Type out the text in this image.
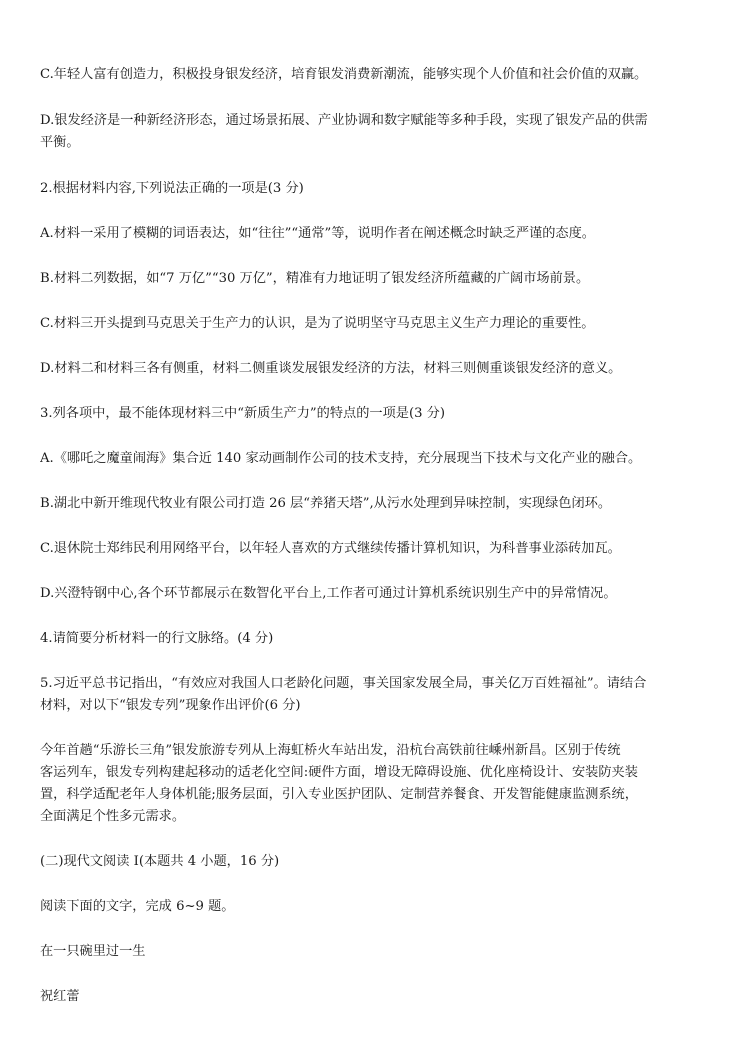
C.年轻人富有创造力，积极投身银发经济，培育银发消费新潮流，能够实现个人价值和社会价值的双赢。
D.银发经济是一种新经济形态，通过场景拓展、产业协调和数字赋能等多种手段，实现了银发产品的供需
平衡。
2.根据材料内容,下列说法正确的一项是(3 分)
A.材料一采用了模糊的词语表达，如“往往”“通常”等，说明作者在阐述概念时缺乏严谨的态度。
B.材料二列数据，如“7 万亿”“30 万亿”，精准有力地证明了银发经济所蕴藏的广阔市场前景。
C.材料三开头提到马克思关于生产力的认识，是为了说明坚守马克思主义生产力理论的重要性。
D.材料二和材料三各有侧重，材料二侧重谈发展银发经济的方法，材料三则侧重谈银发经济的意义。
3.列各项中，最不能体现材料三中“新质生产力”的特点的一项是(3 分)
A.《哪吒之魔童闹海》集合近 140 家动画制作公司的技术支持，充分展现当下技术与文化产业的融合。
B.湖北中新开维现代牧业有限公司打造 26 层“养猪天塔”,从污水处理到异味控制，实现绿色闭环。
C.退休院士郑纬民利用网络平台，以年轻人喜欢的方式继续传播计算机知识，为科普事业添砖加瓦。
D.兴澄特钢中心,各个环节都展示在数智化平台上,工作者可通过计算机系统识别生产中的异常情况。
4.请简要分析材料一的行文脉络。(4 分)
5.习近平总书记指出，“有效应对我国人口老龄化问题，事关国家发展全局，事关亿万百姓福祉”。请结合
材料，对以下“银发专列”现象作出评价(6 分)
今年首趟“乐游长三角”银发旅游专列从上海虹桥火车站出发，沿杭台高铁前往嵊州新昌。区别于传统
客运列车，银发专列构建起移动的适老化空间:硬件方面，增设无障碍设施、优化座椅设计、安装防夹装
置，科学适配老年人身体机能;服务层面，引入专业医护团队、定制营养餐食、开发智能健康监测系统，
全面满足个性多元需求。
(二)现代文阅读 I(本题共 4 小题，16 分)
阅读下面的文字，完成 6~9 题。
在一只碗里过一生
祝红蕾
